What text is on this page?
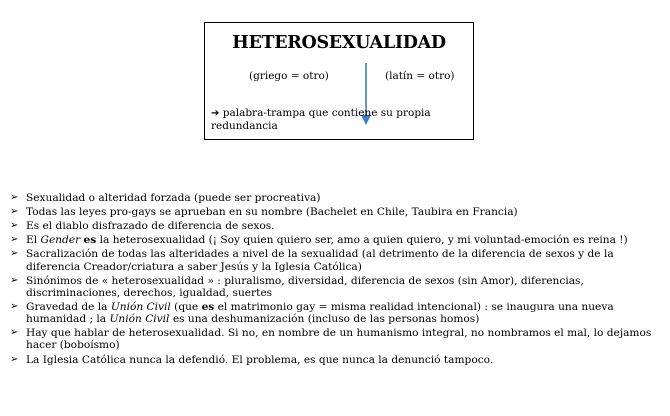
HETEROSEXUALIDAD
(griego = otro)	(latín = otro)
➔ palabra-trampa que contiene su propia redundancia
➢ Sexualidad o alteridad forzada (puede ser procreativa)
➢ Todas las leyes pro-gays se aprueban en su nombre (Bachelet en Chile, Taubira en Francia)
➢ Es el diablo disfrazado de diferencia de sexos.
➢ El Gender es la heterosexualidad (¡ Soy quien quiero ser, amo a quien quiero, y mi voluntad-emoción es reina !)
➢ Sacralización de todas las alteridades a nivel de la sexualidad (al detrimento de la diferencia de sexos y de la diferencia Creador/criatura a saber Jesús y la Iglesia Católica)
➢ Sinónimos de « heterosexualidad » : pluralismo, diversidad, diferencia de sexos (sin Amor), diferencias, discriminaciones, derechos, igualdad, suertes
➢ Gravedad de la Unión Civil (que es el matrimonio gay = misma realidad intencional) : se inaugura una nueva humanidad ; la Unión Civil es una deshumanización (incluso de las personas homos)
➢ Hay que hablar de heterosexualidad. Si no, en nombre de un humanismo integral, no nombramos el mal, lo dejamos hacer (boboísmo)
➢ La Iglesia Católica nunca la defendió. El problema, es que nunca la denunció tampoco.
